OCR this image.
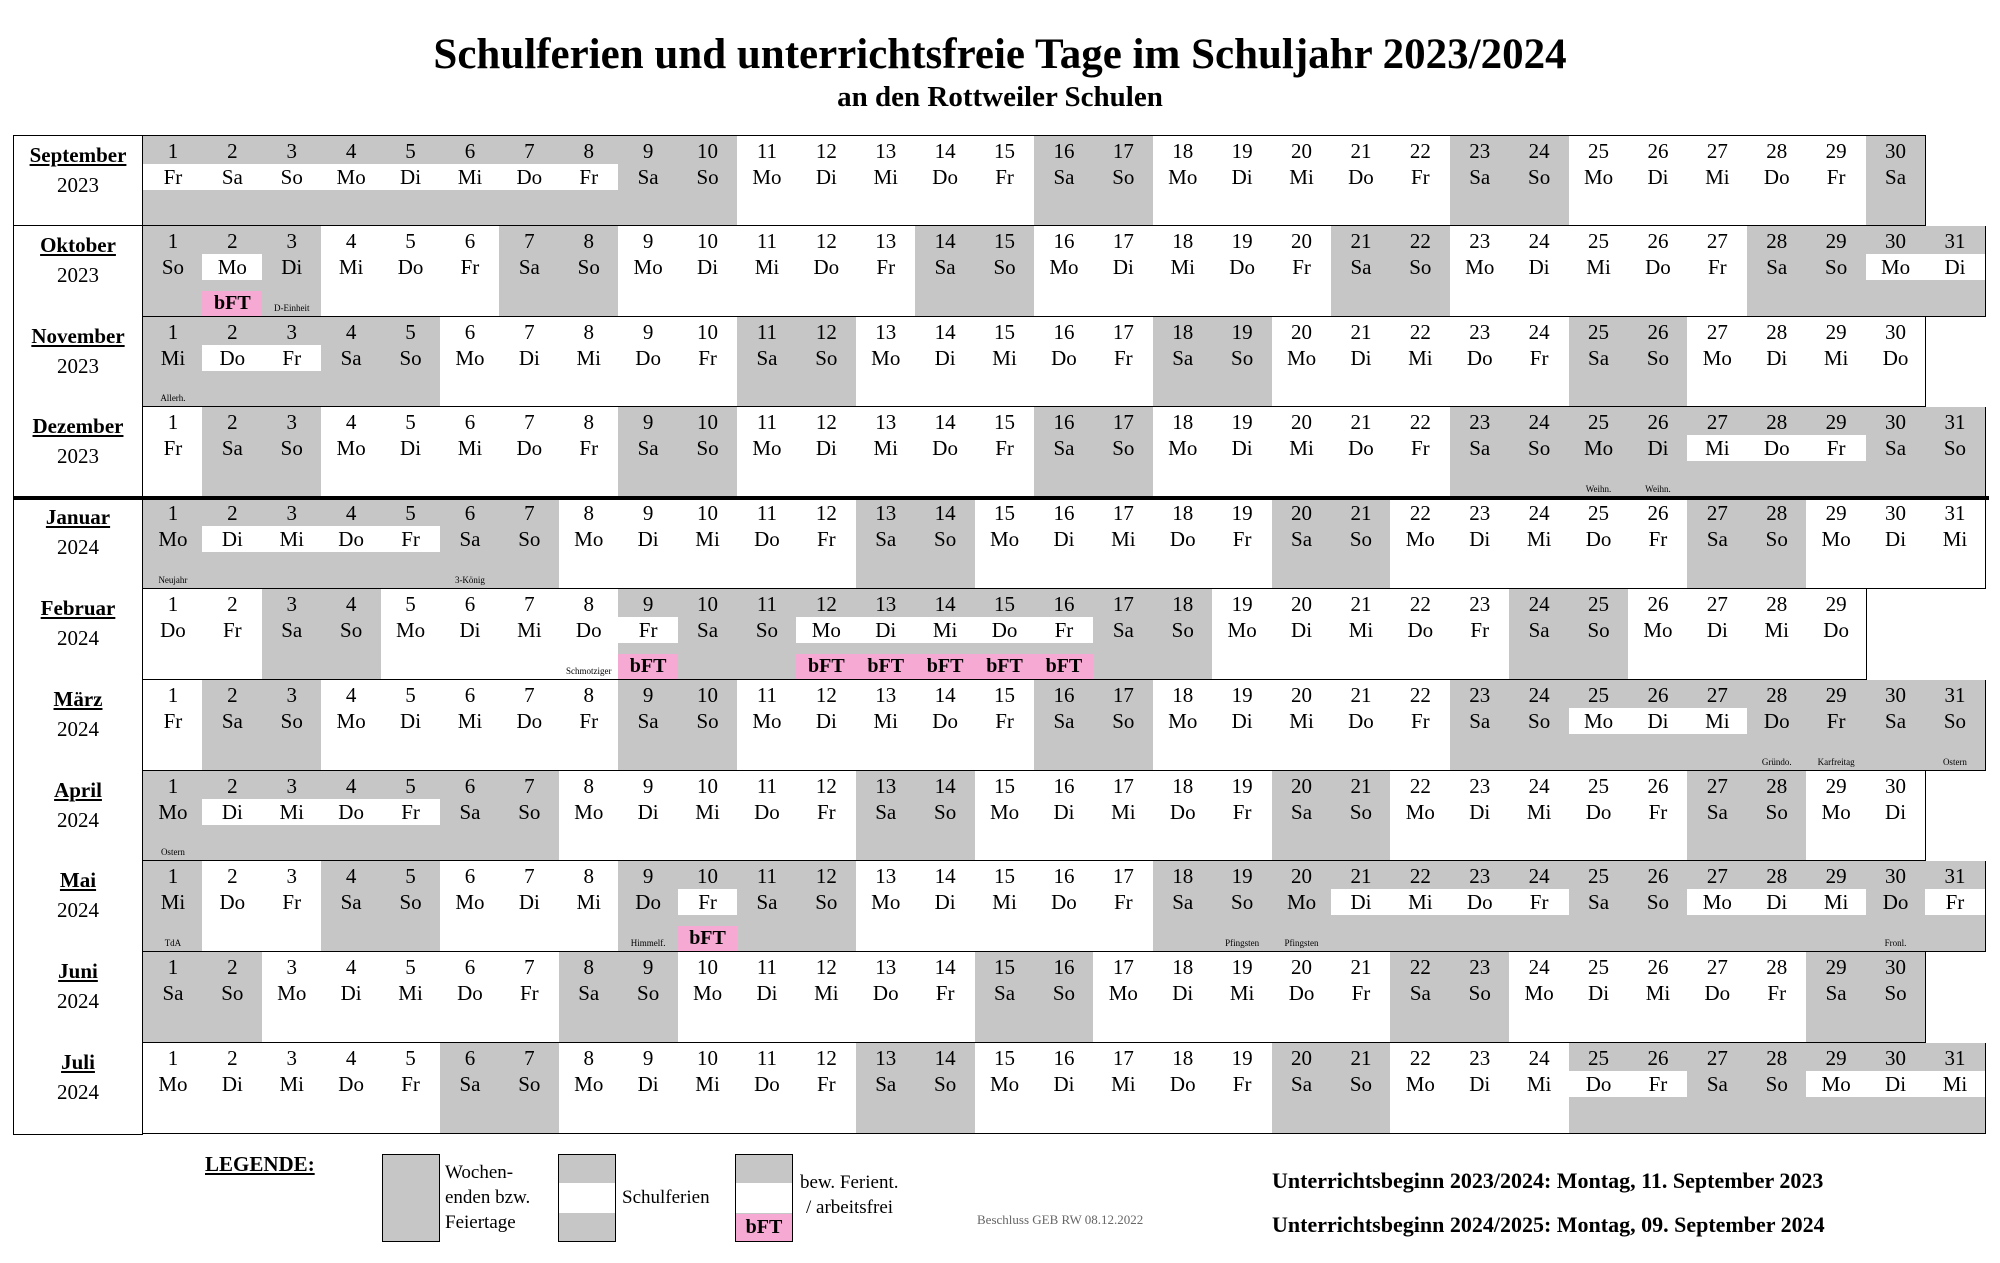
Schulferien und unterrichtsfreie Tage im Schuljahr 2023/2024
an den Rottweiler Schulen
September
2023
1
Fr
2
Sa
3
So
4
Mo
5
Di
6
Mi
7
Do
8
Fr
9
Sa
10
So
11
Mo
12
Di
13
Mi
14
Do
15
Fr
16
Sa
17
So
18
Mo
19
Di
20
Mi
21
Do
22
Fr
23
Sa
24
So
25
Mo
26
Di
27
Mi
28
Do
29
Fr
30
Sa
Oktober
2023
1
So
2
Mo
bFT
3
Di
D-Einheit
4
Mi
5
Do
6
Fr
7
Sa
8
So
9
Mo
10
Di
11
Mi
12
Do
13
Fr
14
Sa
15
So
16
Mo
17
Di
18
Mi
19
Do
20
Fr
21
Sa
22
So
23
Mo
24
Di
25
Mi
26
Do
27
Fr
28
Sa
29
So
30
Mo
31
Di
November
2023
1
Mi
Allerh.
2
Do
3
Fr
4
Sa
5
So
6
Mo
7
Di
8
Mi
9
Do
10
Fr
11
Sa
12
So
13
Mo
14
Di
15
Mi
16
Do
17
Fr
18
Sa
19
So
20
Mo
21
Di
22
Mi
23
Do
24
Fr
25
Sa
26
So
27
Mo
28
Di
29
Mi
30
Do
Dezember
2023
1
Fr
2
Sa
3
So
4
Mo
5
Di
6
Mi
7
Do
8
Fr
9
Sa
10
So
11
Mo
12
Di
13
Mi
14
Do
15
Fr
16
Sa
17
So
18
Mo
19
Di
20
Mi
21
Do
22
Fr
23
Sa
24
So
25
Mo
Weihn.
26
Di
Weihn.
27
Mi
28
Do
29
Fr
30
Sa
31
So
Januar
2024
1
Mo
Neujahr
2
Di
3
Mi
4
Do
5
Fr
6
Sa
3-König
7
So
8
Mo
9
Di
10
Mi
11
Do
12
Fr
13
Sa
14
So
15
Mo
16
Di
17
Mi
18
Do
19
Fr
20
Sa
21
So
22
Mo
23
Di
24
Mi
25
Do
26
Fr
27
Sa
28
So
29
Mo
30
Di
31
Mi
Februar
2024
1
Do
2
Fr
3
Sa
4
So
5
Mo
6
Di
7
Mi
8
Do
Schmotziger
9
Fr
bFT
10
Sa
11
So
12
Mo
bFT
13
Di
bFT
14
Mi
bFT
15
Do
bFT
16
Fr
bFT
17
Sa
18
So
19
Mo
20
Di
21
Mi
22
Do
23
Fr
24
Sa
25
So
26
Mo
27
Di
28
Mi
29
Do
März
2024
1
Fr
2
Sa
3
So
4
Mo
5
Di
6
Mi
7
Do
8
Fr
9
Sa
10
So
11
Mo
12
Di
13
Mi
14
Do
15
Fr
16
Sa
17
So
18
Mo
19
Di
20
Mi
21
Do
22
Fr
23
Sa
24
So
25
Mo
26
Di
27
Mi
28
Do
Gründo.
29
Fr
Karfreitag
30
Sa
31
So
Ostern
April
2024
1
Mo
Ostern
2
Di
3
Mi
4
Do
5
Fr
6
Sa
7
So
8
Mo
9
Di
10
Mi
11
Do
12
Fr
13
Sa
14
So
15
Mo
16
Di
17
Mi
18
Do
19
Fr
20
Sa
21
So
22
Mo
23
Di
24
Mi
25
Do
26
Fr
27
Sa
28
So
29
Mo
30
Di
Mai
2024
1
Mi
TdA
2
Do
3
Fr
4
Sa
5
So
6
Mo
7
Di
8
Mi
9
Do
Himmelf.
10
Fr
bFT
11
Sa
12
So
13
Mo
14
Di
15
Mi
16
Do
17
Fr
18
Sa
19
So
Pfingsten
20
Mo
Pfingsten
21
Di
22
Mi
23
Do
24
Fr
25
Sa
26
So
27
Mo
28
Di
29
Mi
30
Do
Fronl.
31
Fr
Juni
2024
1
Sa
2
So
3
Mo
4
Di
5
Mi
6
Do
7
Fr
8
Sa
9
So
10
Mo
11
Di
12
Mi
13
Do
14
Fr
15
Sa
16
So
17
Mo
18
Di
19
Mi
20
Do
21
Fr
22
Sa
23
So
24
Mo
25
Di
26
Mi
27
Do
28
Fr
29
Sa
30
So
Juli
2024
1
Mo
2
Di
3
Mi
4
Do
5
Fr
6
Sa
7
So
8
Mo
9
Di
10
Mi
11
Do
12
Fr
13
Sa
14
So
15
Mo
16
Di
17
Mi
18
Do
19
Fr
20
Sa
21
So
22
Mo
23
Di
24
Mi
25
Do
26
Fr
27
Sa
28
So
29
Mo
30
Di
31
Mi
LEGENDE:	Wochen-
enden bzw.
Feiertage
Schulferien
bFT
bew. Ferient.
/ arbeitsfrei
Beschluss GEB RW 08.12.2022
Unterrichtsbeginn 2023/2024: Montag, 11. September 2023
Unterrichtsbeginn 2024/2025: Montag, 09. September 2024
